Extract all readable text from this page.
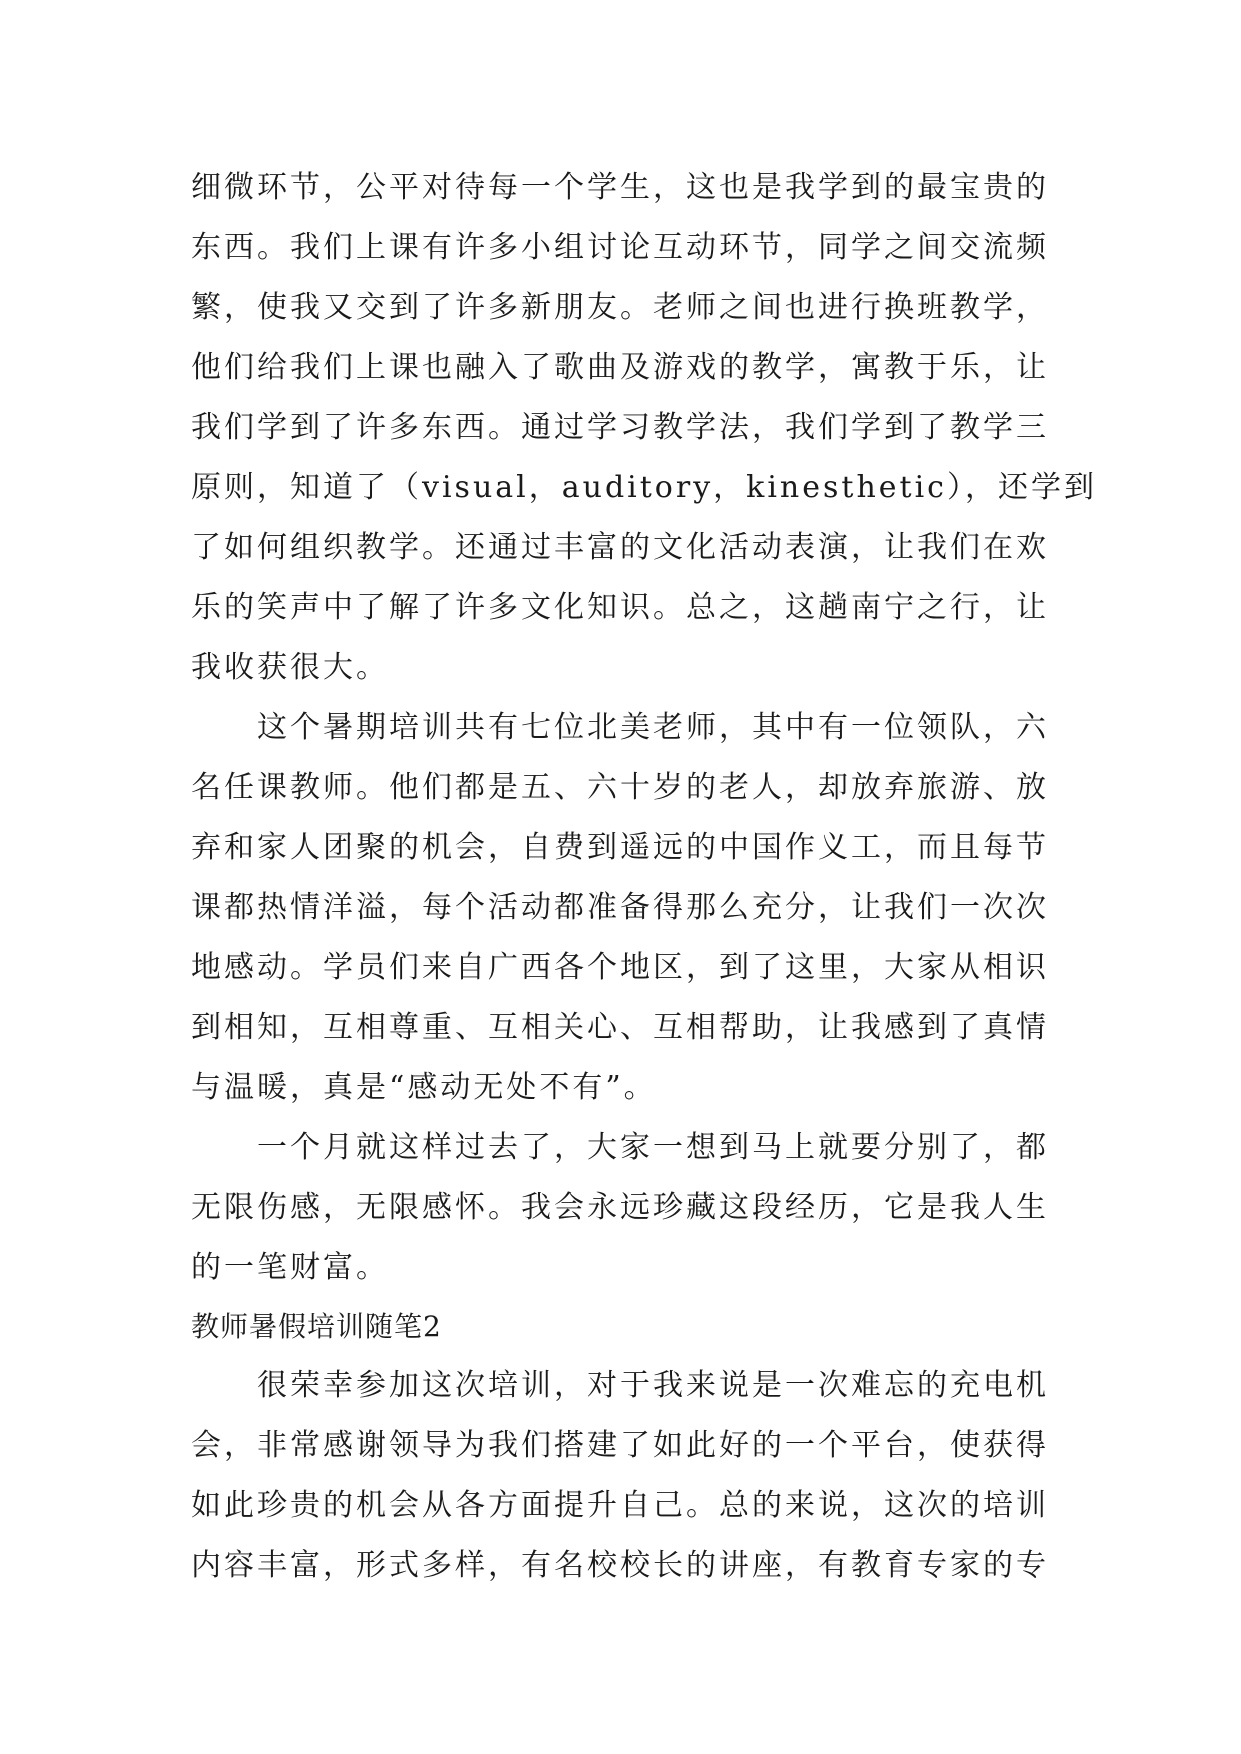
细微环节，公平对待每一个学生，这也是我学到的最宝贵的
东西。我们上课有许多小组讨论互动环节，同学之间交流频
繁，使我又交到了许多新朋友。老师之间也进行换班教学，
他们给我们上课也融入了歌曲及游戏的教学，寓教于乐，让
我们学到了许多东西。通过学习教学法，我们学到了教学三
原则，知道了（visual，auditory，kinesthetic），还学到
了如何组织教学。还通过丰富的文化活动表演，让我们在欢
乐的笑声中了解了许多文化知识。总之，这趟南宁之行，让
我收获很大。
这个暑期培训共有七位北美老师，其中有一位领队，六
名任课教师。他们都是五、六十岁的老人，却放弃旅游、放
弃和家人团聚的机会，自费到遥远的中国作义工，而且每节
课都热情洋溢，每个活动都准备得那么充分，让我们一次次
地感动。学员们来自广西各个地区，到了这里，大家从相识
到相知，互相尊重、互相关心、互相帮助，让我感到了真情
与温暖，真是“感动无处不有”。
一个月就这样过去了，大家一想到马上就要分别了，都
无限伤感，无限感怀。我会永远珍藏这段经历，它是我人生
的一笔财富。
教师暑假培训随笔2
很荣幸参加这次培训，对于我来说是一次难忘的充电机
会，非常感谢领导为我们搭建了如此好的一个平台，使获得
如此珍贵的机会从各方面提升自己。总的来说，这次的培训
内容丰富，形式多样，有名校校长的讲座，有教育专家的专
